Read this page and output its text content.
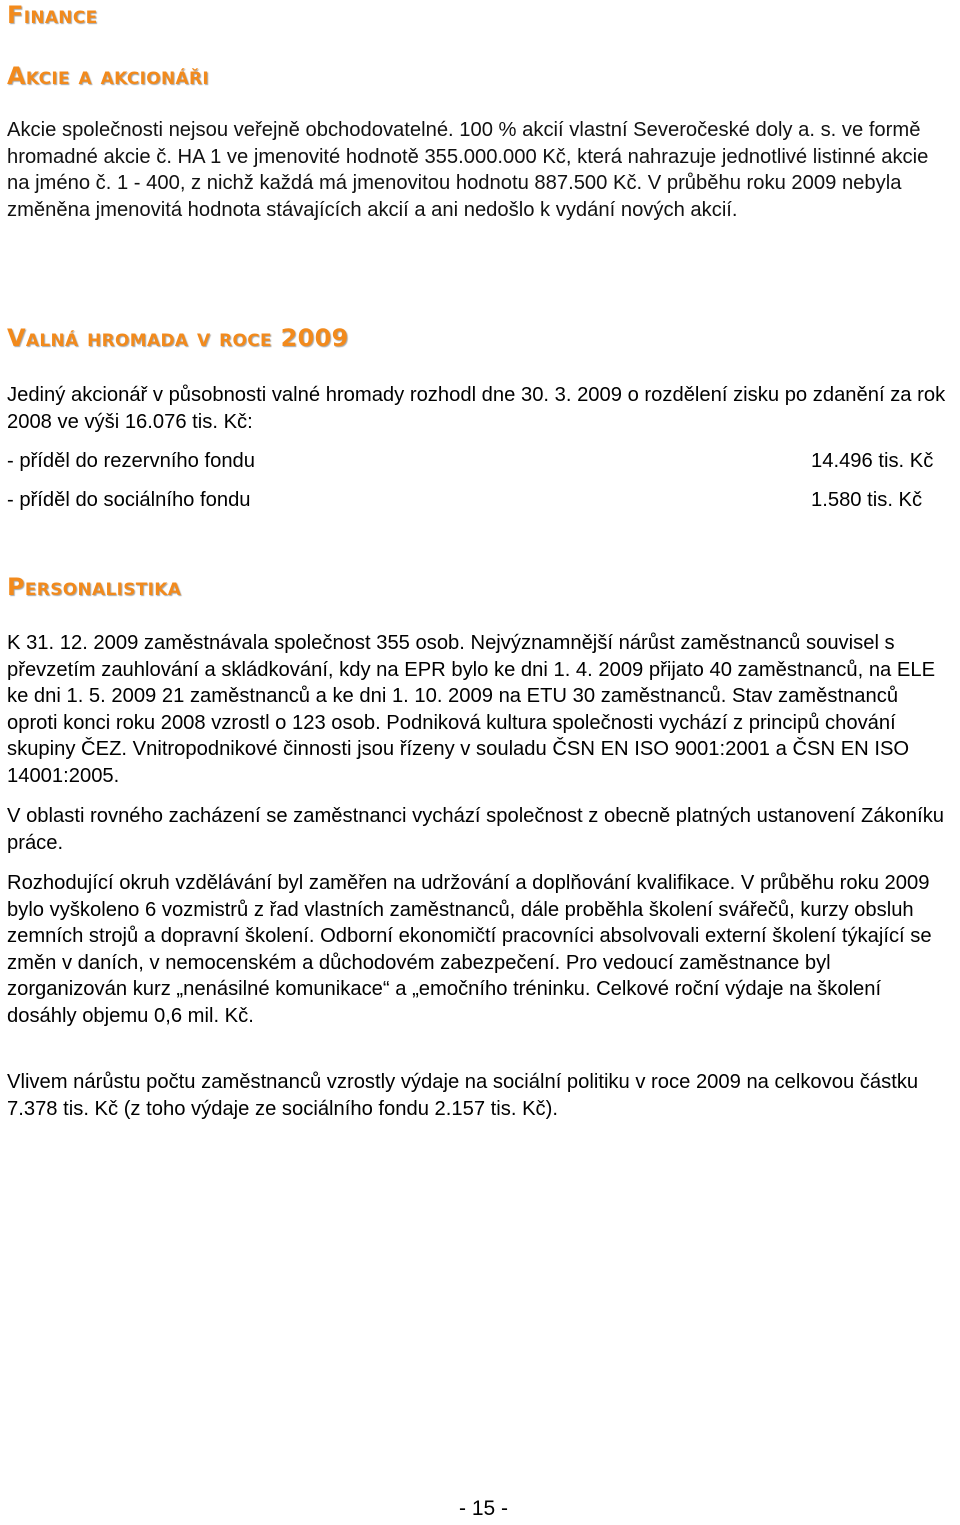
Finance
Akcie a akcionáři

Akcie společnosti nejsou veřejně obchodovatelné. 100 % akcií vlastní Severočeské doly a. s. ve formě hromadné akcie č. HA 1 ve jmenovité hodnotě 355.000.000 Kč, která nahrazuje jednotlivé listinné akcie na jméno č. 1 - 400, z nichž každá má jmenovitou hodnotu 887.500 Kč. V průběhu roku 2009 nebyla změněna jmenovitá hodnota stávajících akcií a ani nedošlo k vydání nových akcií.

Valná hromada v roce 2009

Jediný akcionář v působnosti valné hromady rozhodl dne 30. 3. 2009 o rozdělení zisku po zdanění za rok 2008 ve výši 16.076 tis. Kč:

- příděl do rezervního fondu	14.496 tis. Kč
- příděl do sociálního fondu	1.580 tis. Kč
Personalistika

K 31. 12. 2009 zaměstnávala společnost 355 osob. Nejvýznamnější nárůst zaměstnanců souvisel s převzetím zauhlování a skládkování, kdy na EPR bylo ke dni 1. 4. 2009 přijato 40 zaměstnanců, na ELE ke dni 1. 5. 2009 21 zaměstnanců a ke dni 1. 10. 2009 na ETU 30 zaměstnanců. Stav zaměstnanců oproti konci roku 2008 vzrostl o 123 osob. Podniková kultura společnosti vychází z principů chování skupiny ČEZ. Vnitropodnikové činnosti jsou řízeny v souladu ČSN EN ISO 9001:2001 a ČSN EN ISO 14001:2005.

V oblasti rovného zacházení se zaměstnanci vychází společnost z obecně platných ustanovení Zákoníku práce.

Rozhodující okruh vzdělávání byl zaměřen na udržování a doplňování kvalifikace. V průběhu roku 2009 bylo vyškoleno 6 vozmistrů z řad vlastních zaměstnanců, dále proběhla školení svářečů, kurzy obsluh zemních strojů a dopravní školení. Odborní ekonomičtí pracovníci absolvovali externí školení týkající se změn v daních, v nemocenském a důchodovém zabezpečení. Pro vedoucí zaměstnance byl zorganizován kurz „nenásilné komunikace“ a „emočního tréninku. Celkové roční výdaje na školení dosáhly objemu 0,6 mil. Kč.

Vlivem nárůstu počtu zaměstnanců vzrostly výdaje na sociální politiku v roce 2009 na celkovou částku 7.378 tis. Kč (z toho výdaje ze sociálního fondu 2.157 tis. Kč).

- 15 -
